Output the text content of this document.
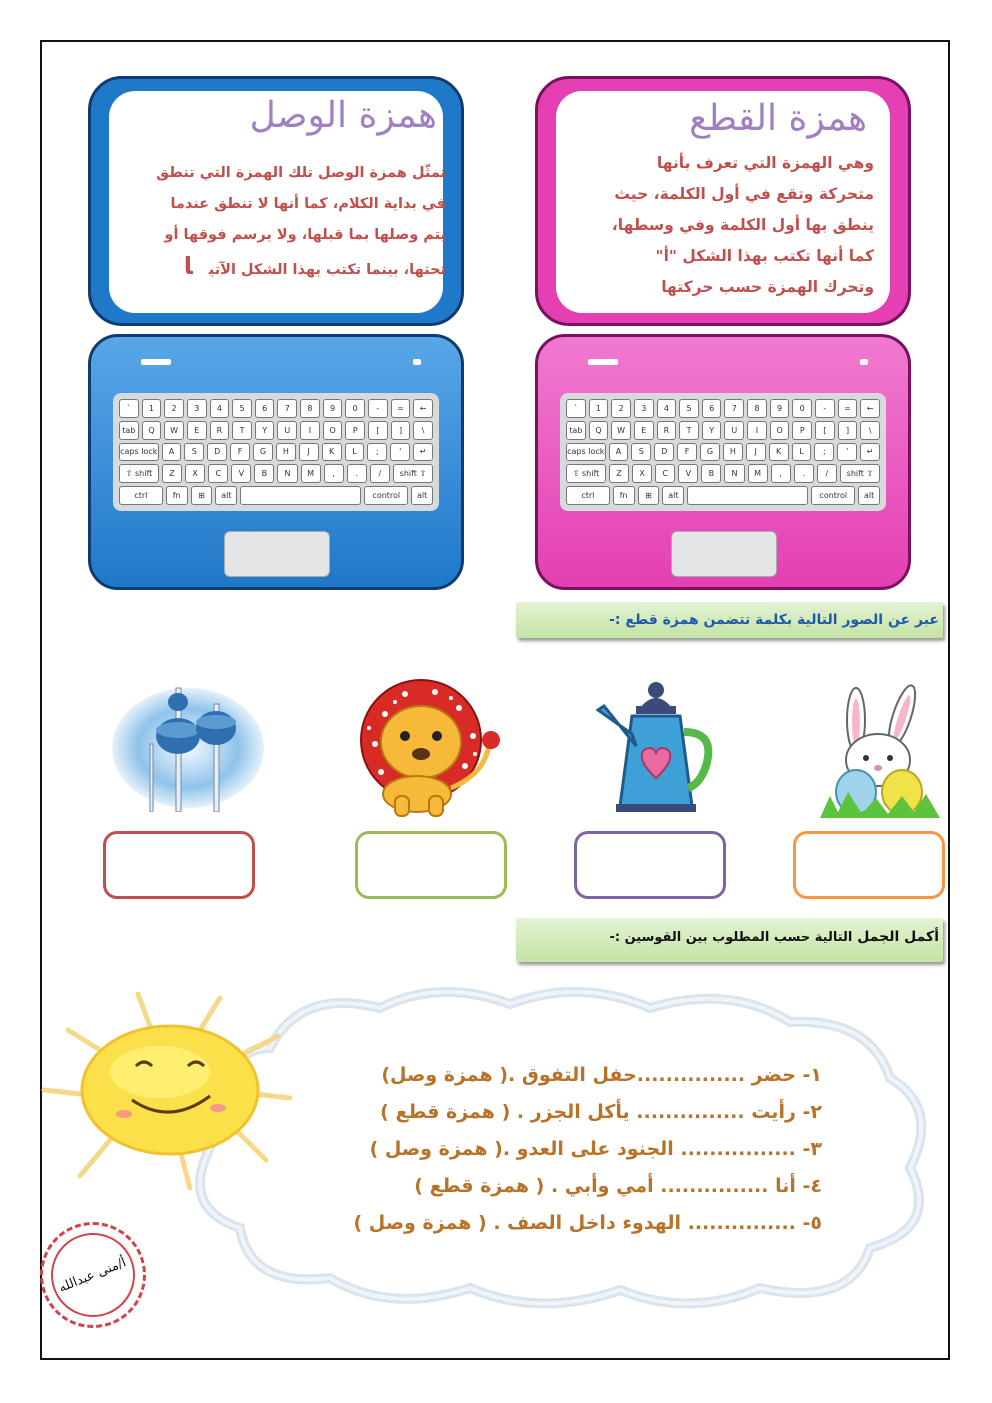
`	1	2	3	4	5	6	7	8	9	0	-	=	←
tab	Q	W	E	R	T	Y	U	I	O	P	[	]	\
caps lock	A	S	D	F	G	H	J	K	L	;	'	↵
⇧ shift	Z	X	C	V	B	N	M	,	.	/	shift ⇧
ctrl	fn	⊞	alt	control	alt
همزة القطع
وهي الهمزة التي تعرف بأنها
متحركة وتقع في أول الكلمة، حيث
ينطق بها أول الكلمة وفي وسطها،
كما أنها تكتب بهذا الشكل "أ"
وتحرك الهمزة حسب حركتها
`	1	2	3	4	5	6	7	8	9	0	-	=	←
tab	Q	W	E	R	T	Y	U	I	O	P	[	]	\
caps lock	A	S	D	F	G	H	J	K	L	;	'	↵
⇧ shift	Z	X	C	V	B	N	M	,	.	/	shift ⇧
ctrl	fn	⊞	alt	control	alt
همزة الوصل
تمثّل همزة الوصل تلك الهمزة التي تنطق
في بداية الكلام، كما أنها لا تنطق عندما
يتم وصلها بما قبلها، ولا يرسم فوقها أو
تحتها، بينما تكتب بهذا الشكل الآتيا
عبر عن الصور التالية بكلمة تتضمن همزة قطع :-
أكمل الجمل التالية حسب المطلوب بين القوسين :-
١- حضر ...............حفل التفوق .( همزة وصل)
٢- رأيت ............... يأكل الجزر . ( همزة قطع )
٣- ................ الجنود على العدو .( همزة وصل )
٤- أنا ............... أمي وأبي . ( همزة قطع )
٥- ............... الهدوء داخل الصف . ( همزة وصل )
أ/منى عبدالله
